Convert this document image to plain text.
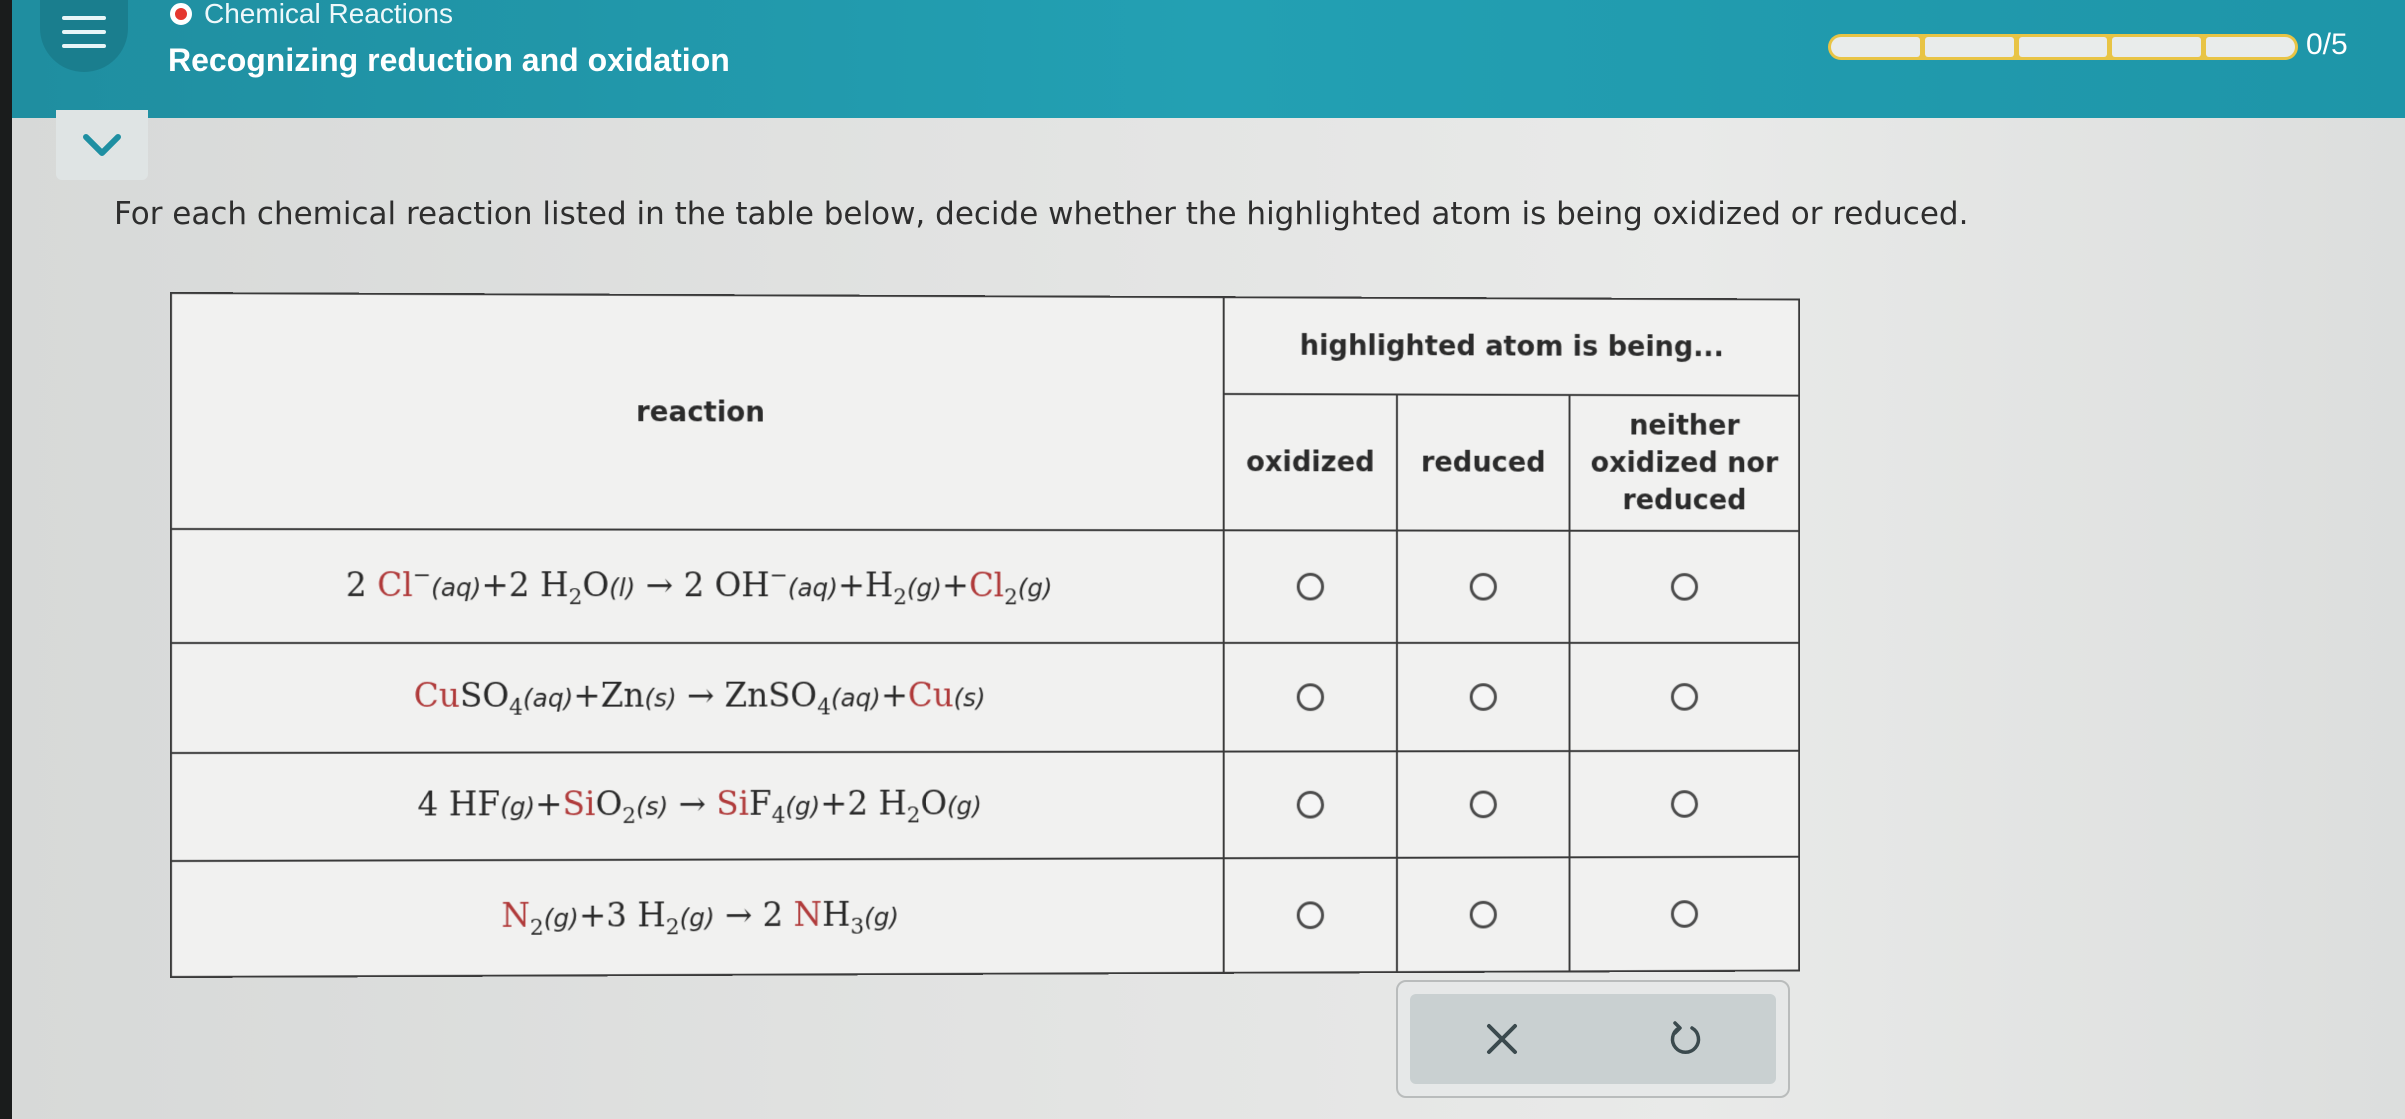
Chemical Reactions
Recognizing reduction and oxidation	0/5
For each chemical reaction listed in the table below, decide whether the highlighted atom is being oxidized or reduced.
reaction
highlighted atom is being...
oxidized	reduced
neither oxidized nor reduced
2 Cl−(aq)+2 $H_2O(l) \to 2$ $OH^-(aq)+H_2(g)+Cl_2(g)$
CuSO$_4$(aq)+Zn(s) → ZnSO$_4$(aq)+Cu(s)
4 HF(g)+SiO$_2$(s) → SiF$_4$(g)+2 $H_2O(g)$
$N_2(g)+3$ $H_2(g) \to 2$ $NH_3(g)$
